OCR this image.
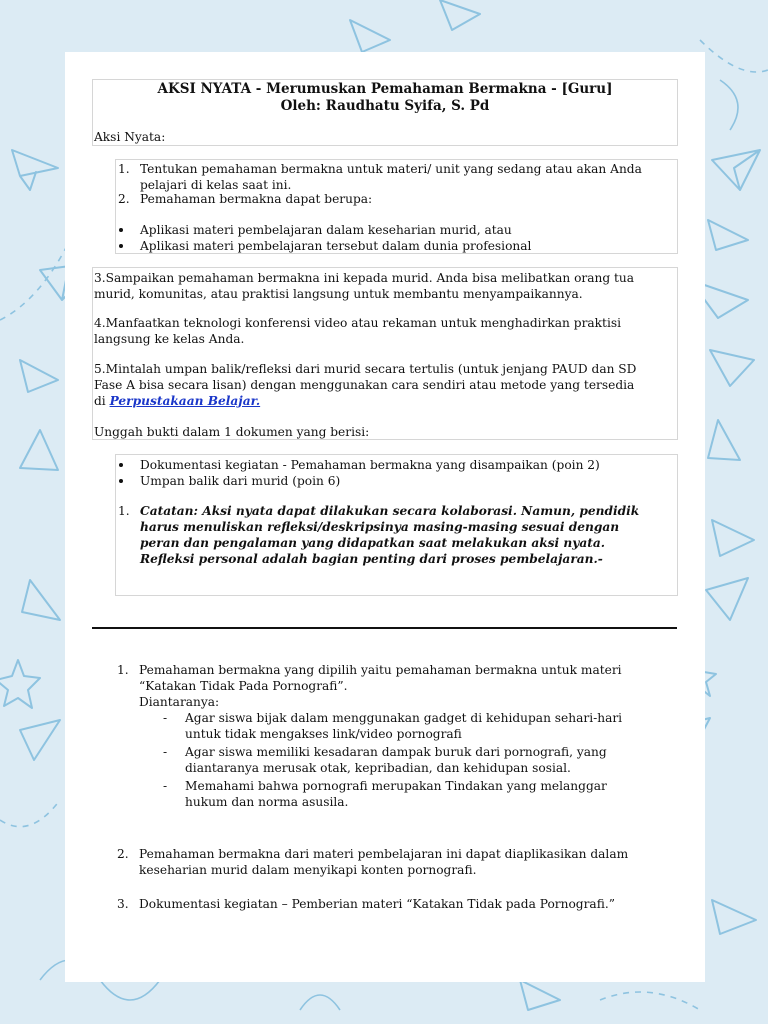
AKSI NYATA - Merumuskan Pemahaman Bermakna - [Guru]
Oleh: Raudhatu Syifa, S. Pd
Aksi Nyata:
1. Tentukan pemahaman bermakna untuk materi/ unit yang sedang atau akan Anda
pelajari di kelas saat ini.
2. Pemahaman bermakna dapat berupa:
Aplikasi materi pembelajaran dalam keseharian murid, atau
Aplikasi materi pembelajaran tersebut dalam dunia profesional
3.Sampaikan pemahaman bermakna ini kepada murid. Anda bisa melibatkan orang tua
murid, komunitas, atau praktisi langsung untuk membantu menyampaikannya.
4.Manfaatkan teknologi konferensi video atau rekaman untuk menghadirkan praktisi
langsung ke kelas Anda.
5.Mintalah umpan balik/refleksi dari murid secara tertulis (untuk jenjang PAUD dan SD
Fase A bisa secara lisan) dengan menggunakan cara sendiri atau metode yang tersedia
di Perpustakaan Belajar.
Unggah bukti dalam 1 dokumen yang berisi:
Dokumentasi kegiatan - Pemahaman bermakna yang disampaikan (poin 2)
Umpan balik dari murid (poin 6)
1. Catatan: Aksi nyata dapat dilakukan secara kolaborasi. Namun, pendidik
harus menuliskan refleksi/deskripsinya masing-masing sesuai dengan
peran dan pengalaman yang didapatkan saat melakukan aksi nyata.
Refleksi personal adalah bagian penting dari proses pembelajaran.-
1. Pemahaman bermakna yang dipilih yaitu pemahaman bermakna untuk materi
“Katakan Tidak Pada Pornografi”.
Diantaranya:
- Agar siswa bijak dalam menggunakan gadget di kehidupan sehari-hari
untuk tidak mengakses link/video pornografi
- Agar siswa memiliki kesadaran dampak buruk dari pornografi, yang
diantaranya merusak otak, kepribadian, dan kehidupan sosial.
- Memahami bahwa pornografi merupakan Tindakan yang melanggar
hukum dan norma asusila.
2. Pemahaman bermakna dari materi pembelajaran ini dapat diaplikasikan dalam
keseharian murid dalam menyikapi konten pornografi.
3. Dokumentasi kegiatan – Pemberian materi “Katakan Tidak pada Pornografi.”
